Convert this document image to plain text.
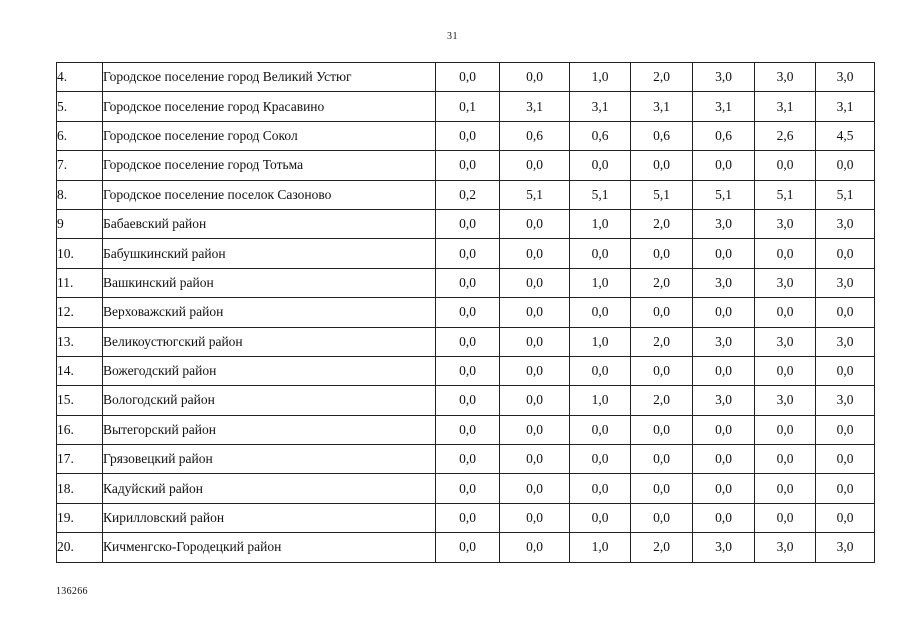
31
4.	Городское поселение город Великий Устюг	0,0	0,0	1,0	2,0	3,0	3,0	3,0
5.	Городское поселение город Красавино	0,1	3,1	3,1	3,1	3,1	3,1	3,1
6.	Городское поселение город Сокол	0,0	0,6	0,6	0,6	0,6	2,6	4,5
7.	Городское поселение город Тотьма	0,0	0,0	0,0	0,0	0,0	0,0	0,0
8.	Городское поселение поселок Сазоново	0,2	5,1	5,1	5,1	5,1	5,1	5,1
9	Бабаевский район	0,0	0,0	1,0	2,0	3,0	3,0	3,0
10.	Бабушкинский район	0,0	0,0	0,0	0,0	0,0	0,0	0,0
11.	Вашкинский район	0,0	0,0	1,0	2,0	3,0	3,0	3,0
12.	Верховажский район	0,0	0,0	0,0	0,0	0,0	0,0	0,0
13.	Великоустюгский район	0,0	0,0	1,0	2,0	3,0	3,0	3,0
14.	Вожегодский район	0,0	0,0	0,0	0,0	0,0	0,0	0,0
15.	Вологодский район	0,0	0,0	1,0	2,0	3,0	3,0	3,0
16.	Вытегорский район	0,0	0,0	0,0	0,0	0,0	0,0	0,0
17.	Грязовецкий район	0,0	0,0	0,0	0,0	0,0	0,0	0,0
18.	Кадуйский район	0,0	0,0	0,0	0,0	0,0	0,0	0,0
19.	Кирилловский район	0,0	0,0	0,0	0,0	0,0	0,0	0,0
20.	Кичменгско-Городецкий район	0,0	0,0	1,0	2,0	3,0	3,0	3,0
136266
